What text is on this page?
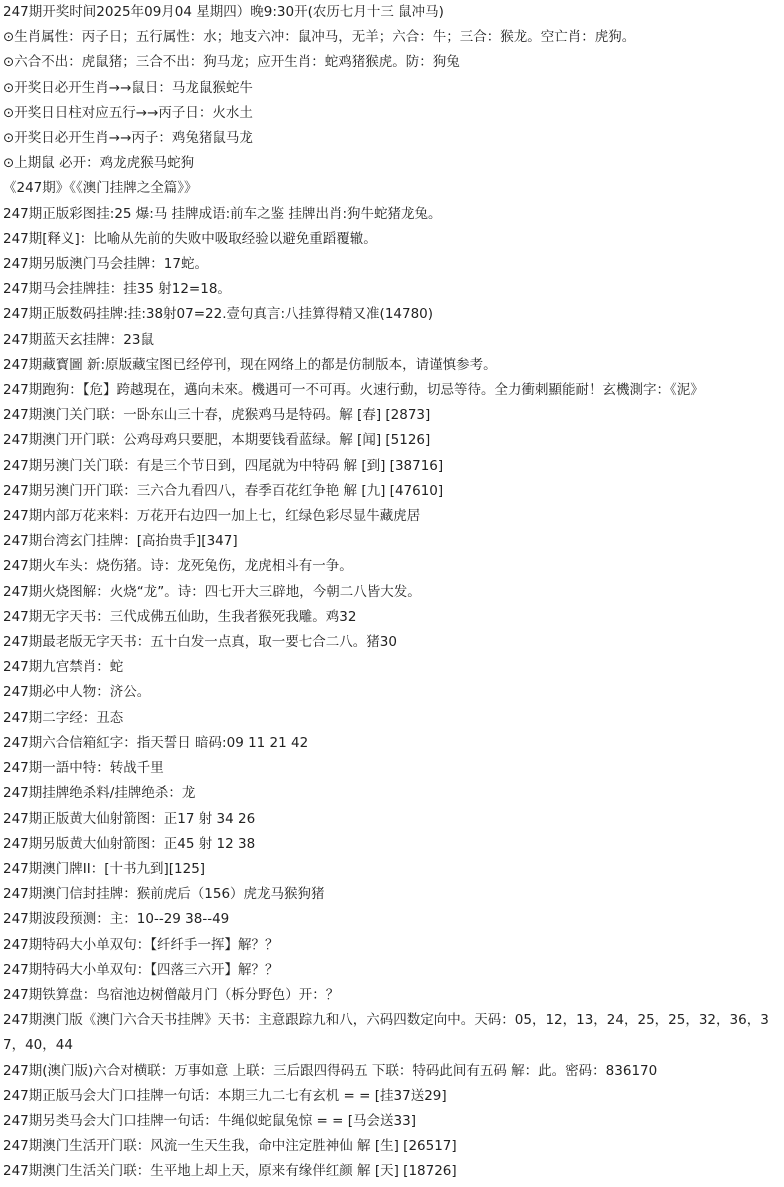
247期开奖时间2025年09月04 星期四）晚9:30开(农历七月十三 鼠冲马)
⊙生肖属性：丙子日；五行属性：水；地支六冲：鼠冲马，无羊；六合：牛；三合：猴龙。空亡肖：虎狗。
⊙六合不出：虎鼠猪；三合不出：狗马龙；应开生肖：蛇鸡猪猴虎。防：狗兔
⊙开奖日必开生肖→→鼠日：马龙鼠猴蛇牛
⊙开奖日日柱对应五行→→丙子日：火水土
⊙开奖日必开生肖→→丙子：鸡兔猪鼠马龙
⊙上期鼠 必开：鸡龙虎猴马蛇狗
《247期》《《澳门挂牌之全篇》》
247期正版彩图挂:25 爆:马 挂牌成语:前车之鉴 挂牌出肖:狗牛蛇猪龙兔。
247期[释义]：比喻从先前的失败中吸取经验以避免重蹈覆辙。
247期另版澳门马会挂牌：17蛇。
247期马会挂牌挂：挂35 射12=18。
247期正版数码挂牌:挂:38射07=22.壹句真言:八挂算得精又准(14780)
247期蓝天玄挂牌：23鼠
247期藏寳圖 新:原版藏宝图已经停刊，现在网络上的都是仿制版本，请谨慎参考。
247期跑狗：【危】跨越現在，邁向未來。機遇可一不可再。火速行動，切忌等待。全力衝刺顯能耐！玄機測字：《泥》
247期澳门关门联：一卧东山三十春，虎猴鸡马是特码。解 [春] [2873]
247期澳门开门联：公鸡母鸡只要肥，本期要钱看蓝绿。解 [闻] [5126]
247期另澳门关门联：有是三个节日到，四尾就为中特码 解 [到] [38716]
247期另澳门开门联：三六合九看四八，春季百花红争艳 解 [九] [47610]
247期内部万花来料：万花开右边四一加上七，红绿色彩尽显牛藏虎居
247期台湾玄门挂牌：[高抬贵手][347]
247期火车头：烧伤猪。诗：龙死兔伤，龙虎相斗有一争。
247期火烧图解：火烧“龙”。诗：四七开大三辟地，今朝二八皆大发。
247期无字天书：三代成佛五仙助，生我者猴死我雕。鸡32
247期最老版无字天书：五十白发一点真，取一要七合二八。猪30
247期九宫禁肖：蛇
247期必中人物：济公。
247期二字经：丑态
247期六合信箱紅字：指天誓日 暗码:09 11 21 42
247期一語中特：转战千里
247期挂牌绝杀料/挂牌绝杀：龙
247期正版黄大仙射箭图：正17 射 34 26
247期另版黄大仙射箭图：正45 射 12 38
247期澳门牌II：[十书九到][125]
247期澳门信封挂牌：猴前虎后（156）虎龙马猴狗猪
247期波段预测：主：10--29 38--49
247期特码大小单双句：【纤纤手一挥】解？？
247期特码大小单双句：【四落三六开】解？？
247期铁算盘：鸟宿池边树僧敲月门（柝分野色）开：？
247期澳门版《澳门六合天书挂牌》天书：主意跟踪九和八，六码四数定向中。天码：05，12，13，24，25，25，32，36，37，40，44
247期(澳门版)六合对横联：万事如意 上联：三后跟四得码五 下联：特码此间有五码 解：此。密码：836170
247期正版马会大门口挂牌一句话：本期三九二七有玄机 = = [挂37送29]
247期另类马会大门口挂牌一句话：牛绳似蛇鼠兔惊 = = [马会送33]
247期澳门生活开门联：风流一生天生我，命中注定胜神仙 解 [生] [26517]
247期澳门生活关门联：生平地上却上天，原来有缘伴红颜 解 [天] [18726]
